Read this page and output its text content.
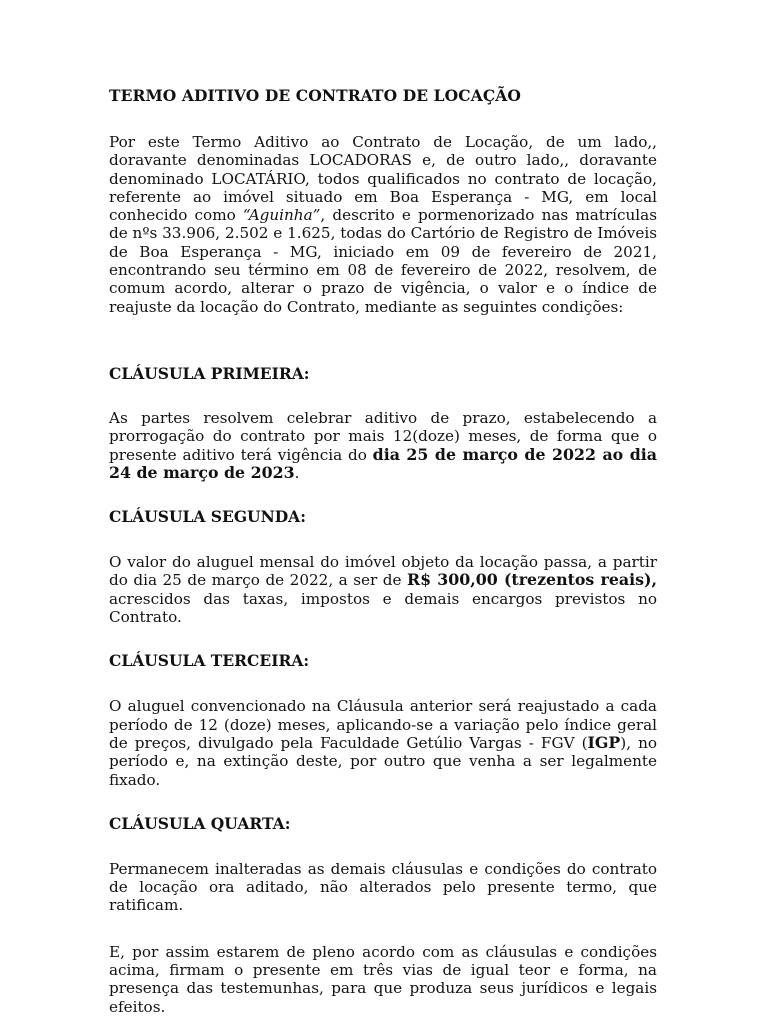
TERMO ADITIVO DE CONTRATO DE LOCAÇÃO

Por este Termo Aditivo ao Contrato de Locação, de um lado,, doravante denominadas LOCADORAS e, de outro lado,, doravante denominado LOCATÁRIO, todos qualificados no contrato de locação, referente ao imóvel situado em Boa Esperança - MG, em local conhecido como “Aguinha”, descrito e pormenorizado nas matrículas de nºs 33.906, 2.502 e 1.625, todas do Cartório de Registro de Imóveis de Boa Esperança - MG, iniciado em 09 de fevereiro de 2021, encontrando seu término em 08 de fevereiro de 2022, resolvem, de comum acordo, alterar o prazo de vigência, o valor e o índice de reajuste da locação do Contrato, mediante as seguintes condições:

CLÁUSULA PRIMEIRA:

As partes resolvem celebrar aditivo de prazo, estabelecendo a prorrogação do contrato por mais 12(doze) meses, de forma que o presente aditivo terá vigência do dia 25 de março de 2022 ao dia 24 de março de 2023.

CLÁUSULA SEGUNDA:

O valor do aluguel mensal do imóvel objeto da locação passa, a partir do dia 25 de março de 2022, a ser de R$ 300,00 (trezentos reais), acrescidos das taxas, impostos e demais encargos previstos no Contrato.

CLÁUSULA TERCEIRA:

O aluguel convencionado na Cláusula anterior será reajustado a cada período de 12 (doze) meses, aplicando-se a variação pelo índice geral de preços, divulgado pela Faculdade Getúlio Vargas - FGV (IGP), no período e, na extinção deste, por outro que venha a ser legalmente fixado.

CLÁUSULA QUARTA:

Permanecem inalteradas as demais cláusulas e condições do contrato de locação ora aditado, não alterados pelo presente termo, que ratificam.

E, por assim estarem de pleno acordo com as cláusulas e condições acima, firmam o presente em três vias de igual teor e forma, na presença das testemunhas, para que produza seus jurídicos e legais efeitos.
